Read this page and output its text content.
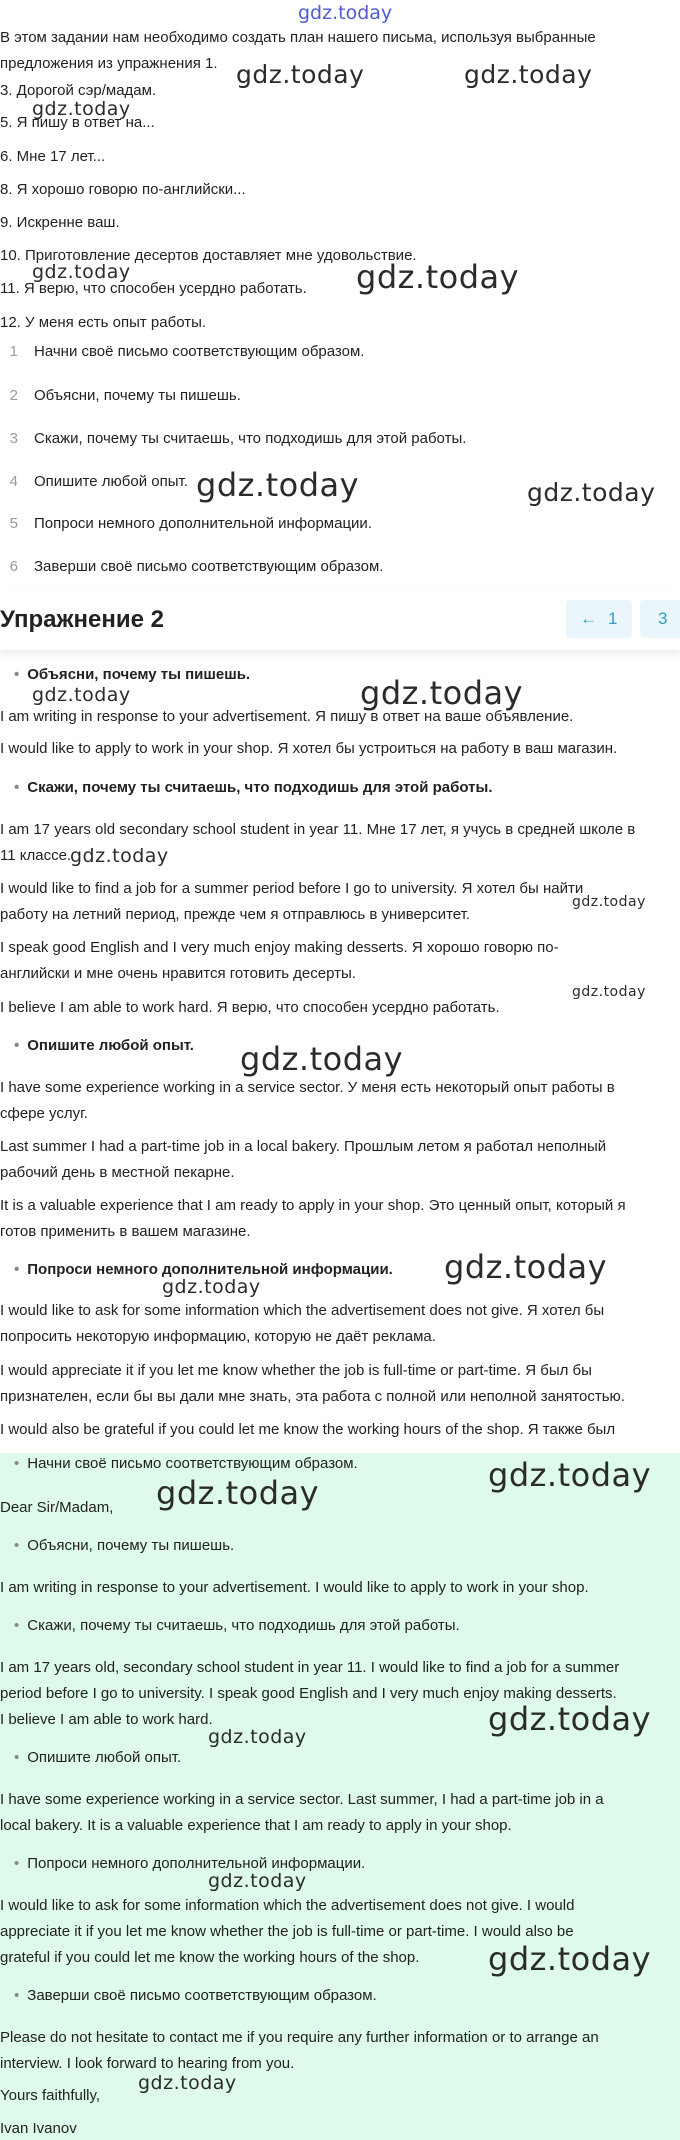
gdz.today
В этом задании нам необходимо создать план нашего письма, используя выбранные
предложения из упражнения 1.
3. Дорогой сэр/мадам.
5. Я пишу в ответ на...
6. Мне 17 лет...
8. Я хорошо говорю по-английски...
9. Искренне ваш.
10. Приготовление десертов доставляет мне удовольствие.
11. Я верю, что способен усердно работать.
12. У меня есть опыт работы.
1 Начни своё письмо соответствующим образом.
2 Объясни, почему ты пишешь.
3 Скажи, почему ты считаешь, что подходишь для этой работы.
4 Опишите любой опыт.
5 Попроси немного дополнительной информации.
6 Заверши своё письмо соответствующим образом.
Упражнение 2	← 1 3
• Объясни, почему ты пишешь.
I am writing in response to your advertisement. Я пишу в ответ на ваше объявление.
I would like to apply to work in your shop. Я хотел бы устроиться на работу в ваш магазин.
• Скажи, почему ты считаешь, что подходишь для этой работы.
I am 17 years old secondary school student in year 11. Мне 17 лет, я учусь в средней школе в
11 классе.
I would like to find a job for a summer period before I go to university. Я хотел бы найти
работу на летний период, прежде чем я отправлюсь в университет.
I speak good English and I very much enjoy making desserts. Я хорошо говорю по-
английски и мне очень нравится готовить десерты.
I believe I am able to work hard. Я верю, что способен усердно работать.
• Опишите любой опыт.
I have some experience working in a service sector. У меня есть некоторый опыт работы в
сфере услуг.
Last summer I had a part-time job in a local bakery. Прошлым летом я работал неполный
рабочий день в местной пекарне.
It is a valuable experience that I am ready to apply in your shop. Это ценный опыт, который я
готов применить в вашем магазине.
• Попроси немного дополнительной информации.
I would like to ask for some information which the advertisement does not give. Я хотел бы
попросить некоторую информацию, которую не даёт реклама.
I would appreciate it if you let me know whether the job is full-time or part-time. Я был бы
признателен, если бы вы дали мне знать, эта работа с полной или неполной занятостью.
I would also be grateful if you could let me know the working hours of the shop. Я также был
• Начни своё письмо соответствующим образом.
Dear Sir/Madam,
• Объясни, почему ты пишешь.
I am writing in response to your advertisement. I would like to apply to work in your shop.
• Скажи, почему ты считаешь, что подходишь для этой работы.
I am 17 years old, secondary school student in year 11. I would like to find a job for a summer
period before I go to university. I speak good English and I very much enjoy making desserts.
I believe I am able to work hard.
• Опишите любой опыт.
I have some experience working in a service sector. Last summer, I had a part-time job in a
local bakery. It is a valuable experience that I am ready to apply in your shop.
• Попроси немного дополнительной информации.
I would like to ask for some information which the advertisement does not give. I would
appreciate it if you let me know whether the job is full-time or part-time. I would also be
grateful if you could let me know the working hours of the shop.
• Заверши своё письмо соответствующим образом.
Please do not hesitate to contact me if you require any further information or to arrange an
interview. I look forward to hearing from you.
Yours faithfully,
Ivan Ivanov
gdz.today	gdz.today
gdz.today
gdz.today	gdz.today
gdz.today	gdz.today
gdz.today
gdz.today
gdz.today
gdz.today
gdz.today
gdz.today
gdz.today
gdz.today
gdz.today
gdz.today
gdz.today
gdz.today
gdz.today
gdz.today
gdz.today
